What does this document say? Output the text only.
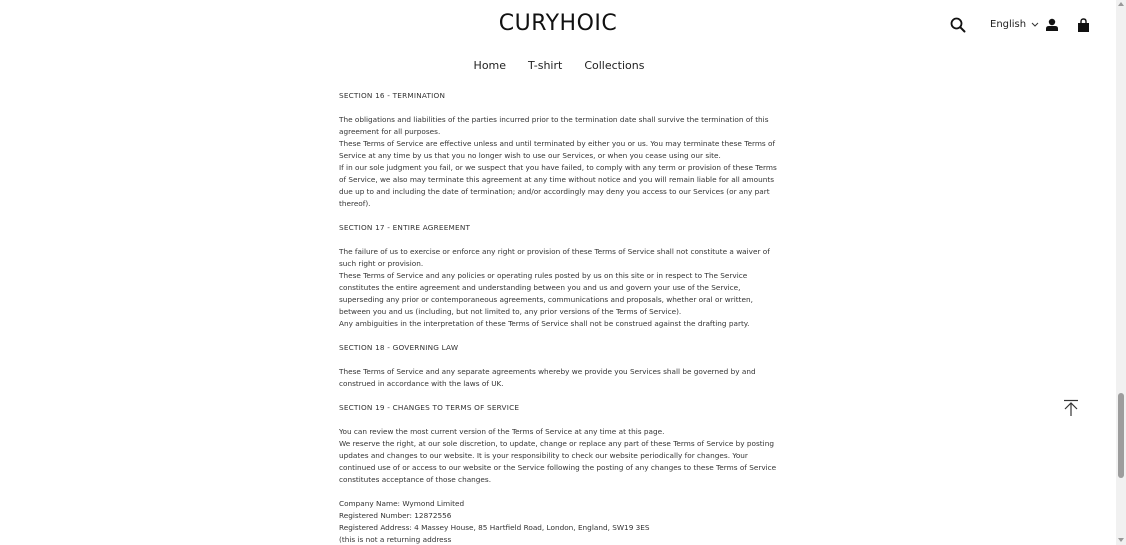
CURYHOIC
Home T-shirt Collections
English

SECTION 16 - TERMINATION

The obligations and liabilities of the parties incurred prior to the termination date shall survive the termination of this agreement for all purposes.

These Terms of Service are effective unless and until terminated by either you or us. You may terminate these Terms of Service at any time by us that you no longer wish to use our Services, or when you cease using our site.

If in our sole judgment you fail, or we suspect that you have failed, to comply with any term or provision of these Terms of Service, we also may terminate this agreement at any time without notice and you will remain liable for all amounts due up to and including the date of termination; and/or accordingly may deny you access to our Services (or any part thereof).

SECTION 17 - ENTIRE AGREEMENT

The failure of us to exercise or enforce any right or provision of these Terms of Service shall not constitute a waiver of such right or provision.

These Terms of Service and any policies or operating rules posted by us on this site or in respect to The Service constitutes the entire agreement and understanding between you and us and govern your use of the Service, superseding any prior or contemporaneous agreements, communications and proposals, whether oral or written, between you and us (including, but not limited to, any prior versions of the Terms of Service).

Any ambiguities in the interpretation of these Terms of Service shall not be construed against the drafting party.

SECTION 18 - GOVERNING LAW

These Terms of Service and any separate agreements whereby we provide you Services shall be governed by and construed in accordance with the laws of UK.

SECTION 19 - CHANGES TO TERMS OF SERVICE

You can review the most current version of the Terms of Service at any time at this page.

We reserve the right, at our sole discretion, to update, change or replace any part of these Terms of Service by posting updates and changes to our website. It is your responsibility to check our website periodically for changes. Your continued use of or access to our website or the Service following the posting of any changes to these Terms of Service constitutes acceptance of those changes.

Company Name: Wymond Limited

Registered Number: 12872556

Registered Address: 4 Massey House, 85 Hartfield Road, London, England, SW19 3ES

(this is not a returning address
